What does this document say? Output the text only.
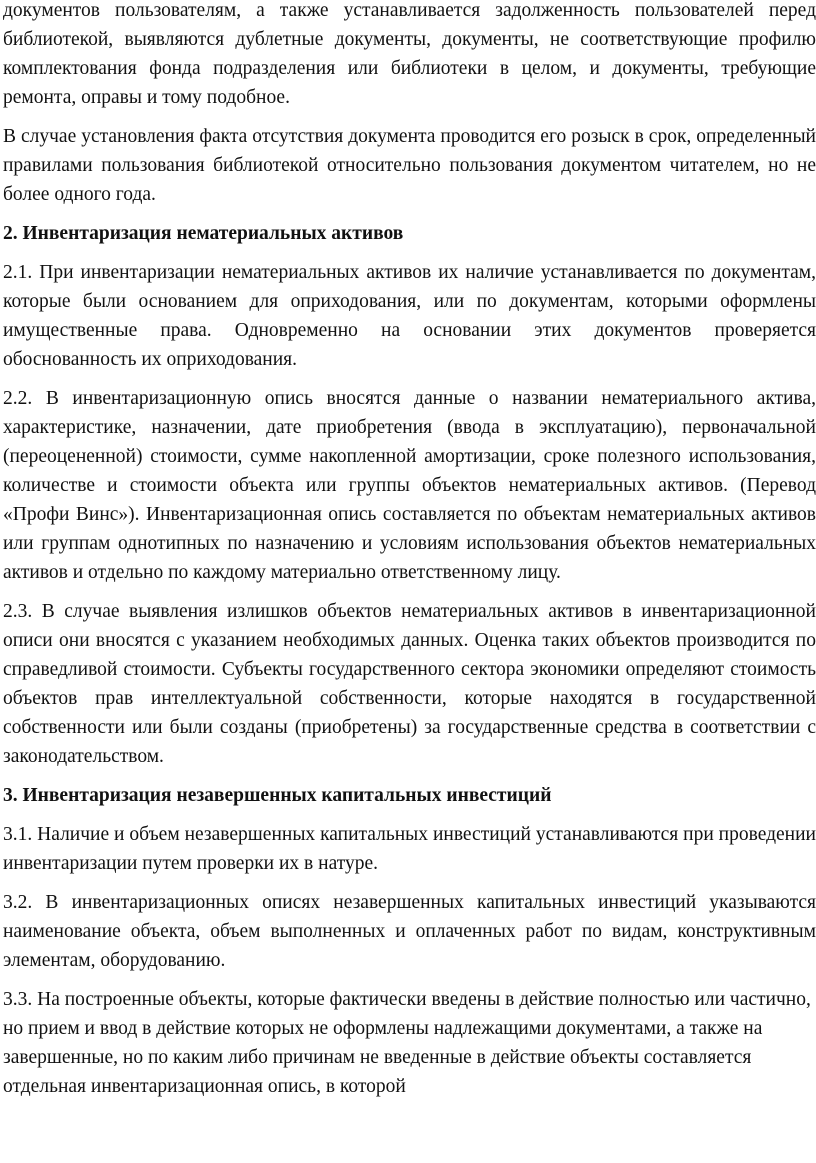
документов пользователям, а также устанавливается задолженность пользователей перед библиотекой, выявляются дублетные документы, документы, не соответствующие профилю комплектования фонда подразделения или библиотеки в целом, и документы, требующие ремонта, оправы и тому подобное.

В случае установления факта отсутствия документа проводится его розыск в срок, определенный правилами пользования библиотекой относительно пользования документом читателем, но не более одного года.

2. Инвентаризация нематериальных активов

2.1. При инвентаризации нематериальных активов их наличие устанавливается по документам, которые были основанием для оприходования, или по документам, которыми оформлены имущественные права. Одновременно на основании этих документов проверяется обоснованность их оприходования.

2.2. В инвентаризационную опись вносятся данные о названии нематериального актива, характеристике, назначении, дате приобретения (ввода в эксплуатацию), первоначальной (переоцененной) стоимости, сумме накопленной амортизации, сроке полезного использования, количестве и стоимости объекта или группы объектов нематериальных активов. (Перевод «Профи Винс»). Инвентаризационная опись составляется по объектам нематериальных активов или группам однотипных по назначению и условиям использования объектов нематериальных активов и отдельно по каждому материально ответственному лицу.

2.3. В случае выявления излишков объектов нематериальных активов в инвентаризационной описи они вносятся с указанием необходимых данных. Оценка таких объектов производится по справедливой стоимости. Субъекты государственного сектора экономики определяют стоимость объектов прав интеллектуальной собственности, которые находятся в государственной собственности или были созданы (приобретены) за государственные средства в соответствии с законодательством.

3. Инвентаризация незавершенных капитальных инвестиций

3.1. Наличие и объем незавершенных капитальных инвестиций устанавливаются при проведении инвентаризации путем проверки их в натуре.

3.2. В инвентаризационных описях незавершенных капитальных инвестиций указываются наименование объекта, объем выполненных и оплаченных работ по видам, конструктивным элементам, оборудованию.

3.3. На построенные объекты, которые фактически введены в действие полностью или частично, но прием и ввод в действие которых не оформлены надлежащими документами, а также на завершенные, но по каким либо причинам не введенные в действие объекты составляется отдельная инвентаризационная опись, в которой
